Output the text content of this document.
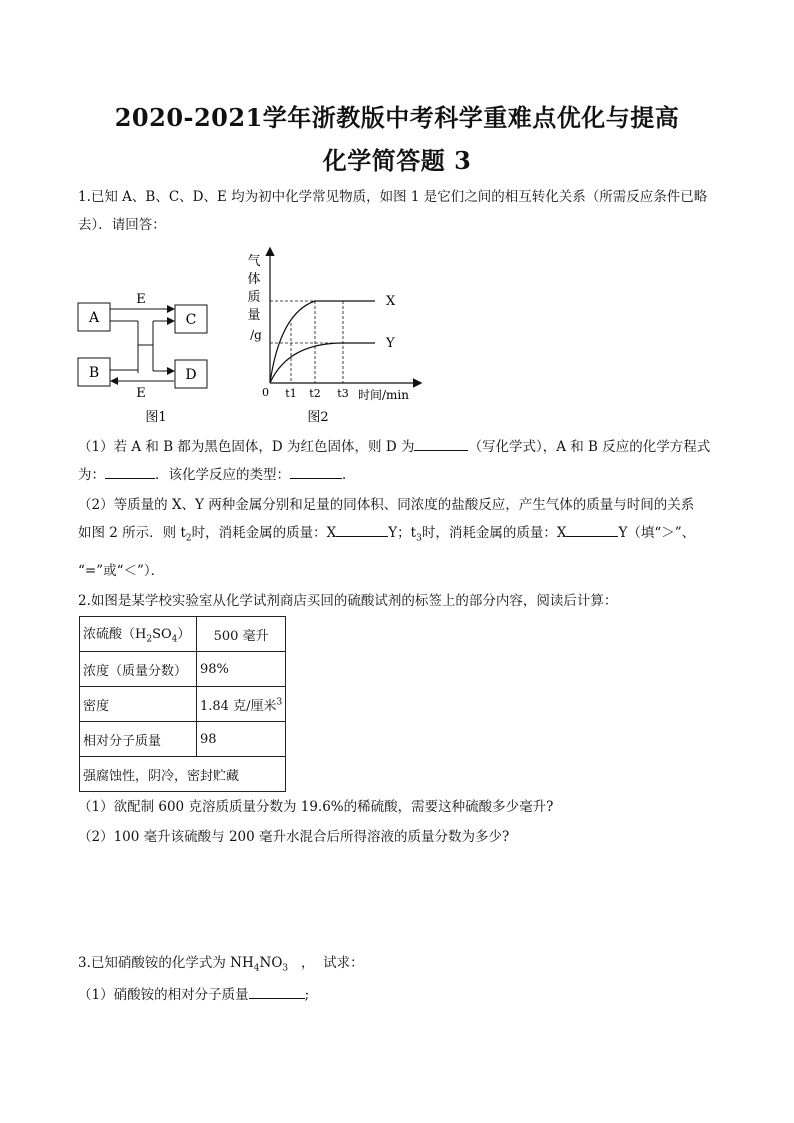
2020-2021学年浙教版中考科学重难点优化与提高
化学简答题 3

1.已知 A、B、C、D、E 均为初中化学常见物质，如图 1 是它们之间的相互转化关系（所需反应条件已略

去）．请回答：

A
B
C
D
E
E
图1
气
体
质
量
/g
X
Y
0 t1 t2 t3 时间/min
图2

（1）若 A 和 B 都为黑色固体，D 为红色固体，则 D 为	（写化学式），A 和 B 反应的化学方程式

为：	．该化学反应的类型：	．

（2）等质量的 X、Y 两种金属分别和足量的同体积、同浓度的盐酸反应，产生气体的质量与时间的关系

如图 2 所示．则 $t_2$时，消耗金属的质量：X	Y；$t_3$时，消耗金属的质量：X	Y（填“＞”、

“=”或“＜”）．

2.如图是某学校实验室从化学试剂商店买回的硫酸试剂的标签上的部分内容，阅读后计算：

浓硫酸$(H_2SO_4)$	500 毫升
浓度（质量分数）	98%
密度	1.84 克/厘米$^3$
相对分子质量	98
强腐蚀性，阴冷，密封贮藏	

（1）欲配制 600 克溶质质量分数为 19.6%的稀硫酸，需要这种硫酸多少毫升?

（2）100 毫升该硫酸与 200 毫升水混合后所得溶液的质量分数为多少?

3.已知硝酸铵的化学式为 $NH_4NO_3$   ，  试求：

（1）硝酸铵的相对分子质量	;
